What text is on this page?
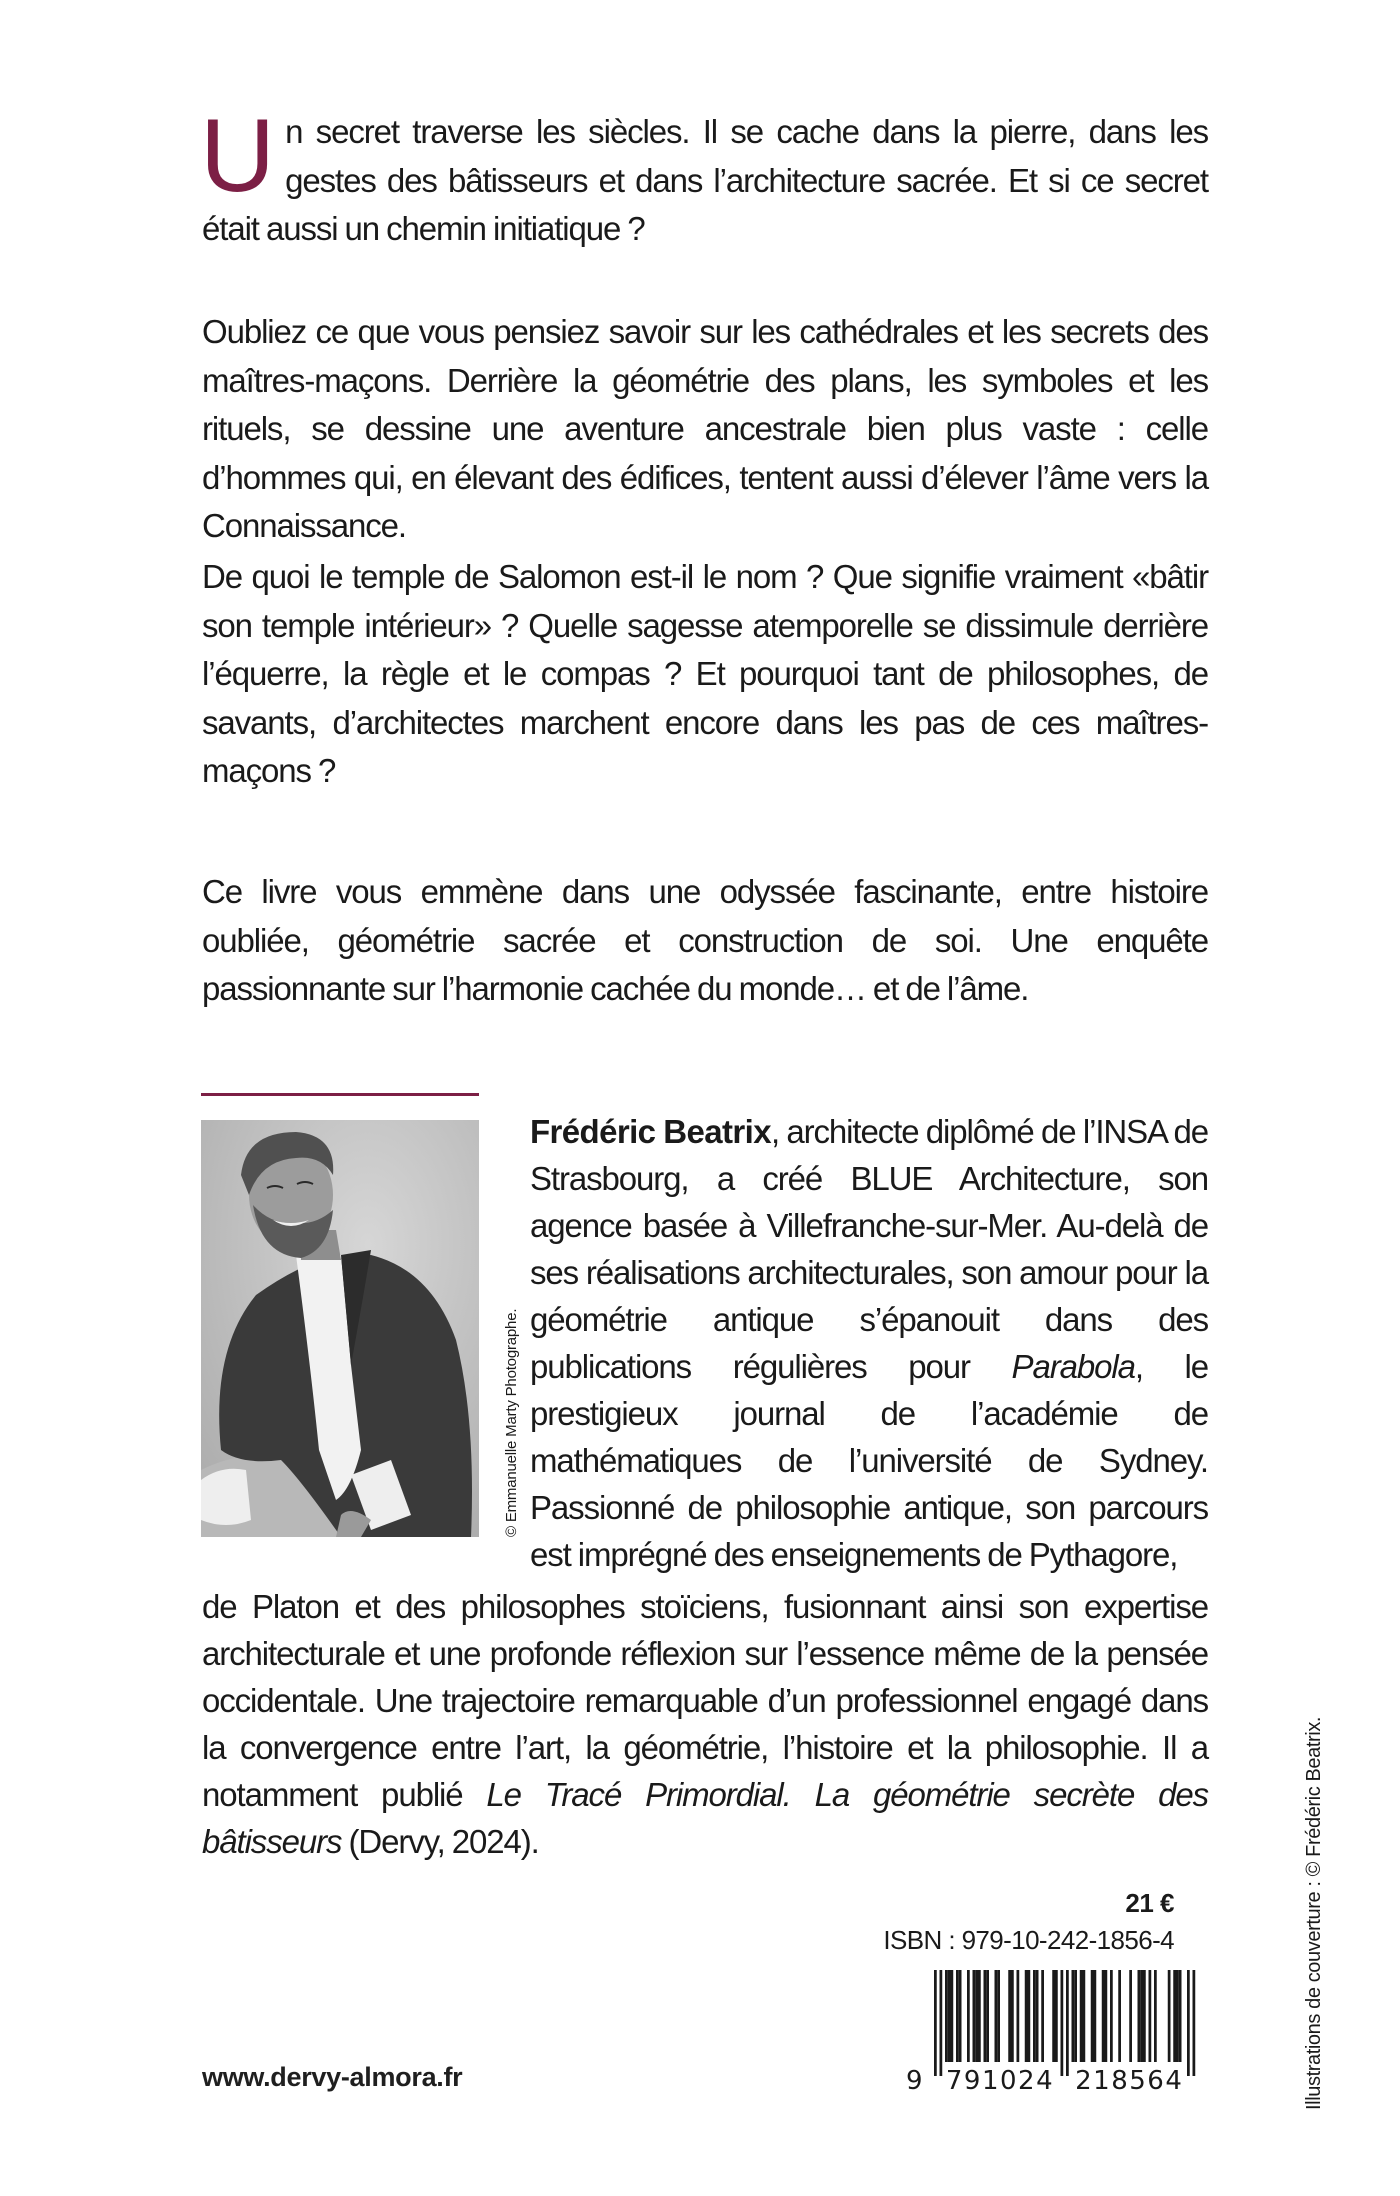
Un secret traverse les siècles. Il se cache dans la pierre, dans les gestes des bâtisseurs et dans l’architecture sacrée. Et si ce secret était aussi un chemin initiatique ?

Oubliez ce que vous pensiez savoir sur les cathédrales et les secrets des maîtres-maçons. Derrière la géométrie des plans, les symboles et les rituels, se dessine une aventure ancestrale bien plus vaste : celle d’hommes qui, en élevant des édifices, tentent aussi d’élever l’âme vers la Connaissance.

De quoi le temple de Salomon est-il le nom ? Que signifie vraiment «bâtir son temple intérieur» ? Quelle sagesse atemporelle se dissimule derrière l’équerre, la règle et le compas ? Et pourquoi tant de philosophes, de savants, d’architectes marchent encore dans les pas de ces maîtres-maçons ?

Ce livre vous emmène dans une odyssée fascinante, entre histoire oubliée, géométrie sacrée et construction de soi. Une enquête passionnante sur l’harmonie cachée du monde… et de l’âme.

© Emmanuelle Marty Photographe.

Frédéric Beatrix, architecte diplômé de l’INSA de Strasbourg, a créé BLUE Architecture, son agence basée à Villefranche-sur-Mer. Au-delà de ses réalisations architecturales, son amour pour la géométrie antique s’épanouit dans des publications régulières pour Parabola, le prestigieux journal de l’académie de mathématiques de l’université de Sydney. Passionné de philosophie antique, son parcours est imprégné des enseignements de Pythagore,

de Platon et des philosophes stoïciens, fusionnant ainsi son expertise architecturale et une profonde réflexion sur l’essence même de la pensée occidentale. Une trajectoire remarquable d’un professionnel engagé dans la convergence entre l’art, la géométrie, l’histoire et la philosophie. Il a notamment publié Le Tracé Primordial. La géométrie secrète des bâtisseurs (Dervy, 2024).

21 €
ISBN : 979-10-242-1856-4
9 791024 218564
www.dervy-almora.fr	Illustrations de couverture : © Frédéric Beatrix.
